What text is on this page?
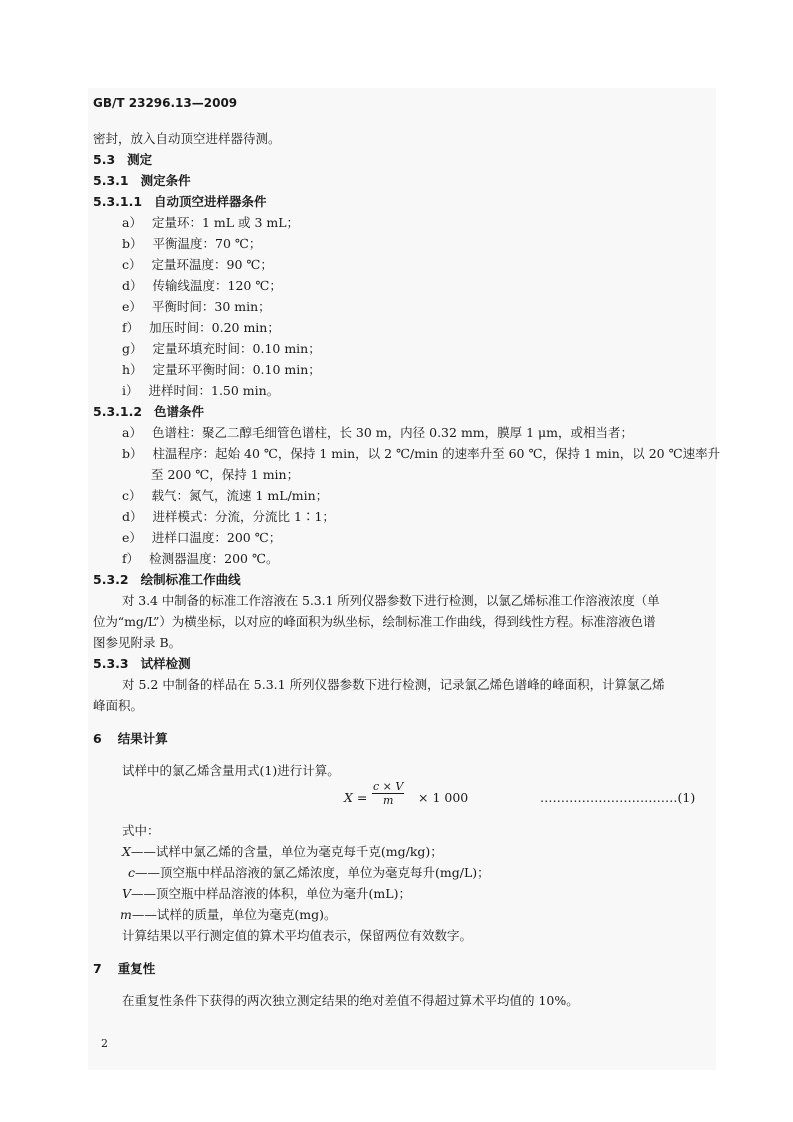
GB/T 23296.13—2009
密封，放入自动顶空进样器待测。
5.3 测定
5.3.1 测定条件
5.3.1.1 自动顶空进样器条件
a） 定量环：1 mL 或 3 mL；
b） 平衡温度：70 ℃；
c） 定量环温度：90 ℃；
d） 传输线温度：120 ℃；
e） 平衡时间：30 min；
f） 加压时间：0.20 min；
g） 定量环填充时间：0.10 min；
h） 定量环平衡时间：0.10 min；
i） 进样时间：1.50 min。
5.3.1.2 色谱条件
a） 色谱柱：聚乙二醇毛细管色谱柱，长 30 m，内径 0.32 mm，膜厚 1 μm，或相当者；
b） 柱温程序：起始 40 ℃，保持 1 min，以 2 ℃/min 的速率升至 60 ℃，保持 1 min，以 20 ℃速率升
至 200 ℃，保持 1 min；
c） 载气：氮气，流速 1 mL/min；
d） 进样模式：分流，分流比 1∶1；
e） 进样口温度：200 ℃；
f） 检测器温度：200 ℃。
5.3.2 绘制标准工作曲线
对 3.4 中制备的标准工作溶液在 5.3.1 所列仪器参数下进行检测，以氯乙烯标准工作溶液浓度（单
位为“mg/L”）为横坐标，以对应的峰面积为纵坐标，绘制标准工作曲线，得到线性方程。标准溶液色谱
图参见附录 B。
5.3.3 试样检测
对 5.2 中制备的样品在 5.3.1 所列仪器参数下进行检测，记录氯乙烯色谱峰的峰面积，计算氯乙烯
峰面积。
6 结果计算
试样中的氯乙烯含量用式(1)进行计算。
$X = \frac{c \times V}{m} \times 1$ 000	……………………………(1)
式中：
X——试样中氯乙烯的含量，单位为毫克每千克(mg/kg)；
c——顶空瓶中样品溶液的氯乙烯浓度，单位为毫克每升(mg/L)；
V——顶空瓶中样品溶液的体积，单位为毫升(mL)；
m——试样的质量，单位为毫克(mg)。
计算结果以平行测定值的算术平均值表示，保留两位有效数字。
7 重复性
在重复性条件下获得的两次独立测定结果的绝对差值不得超过算术平均值的 10%。
2
